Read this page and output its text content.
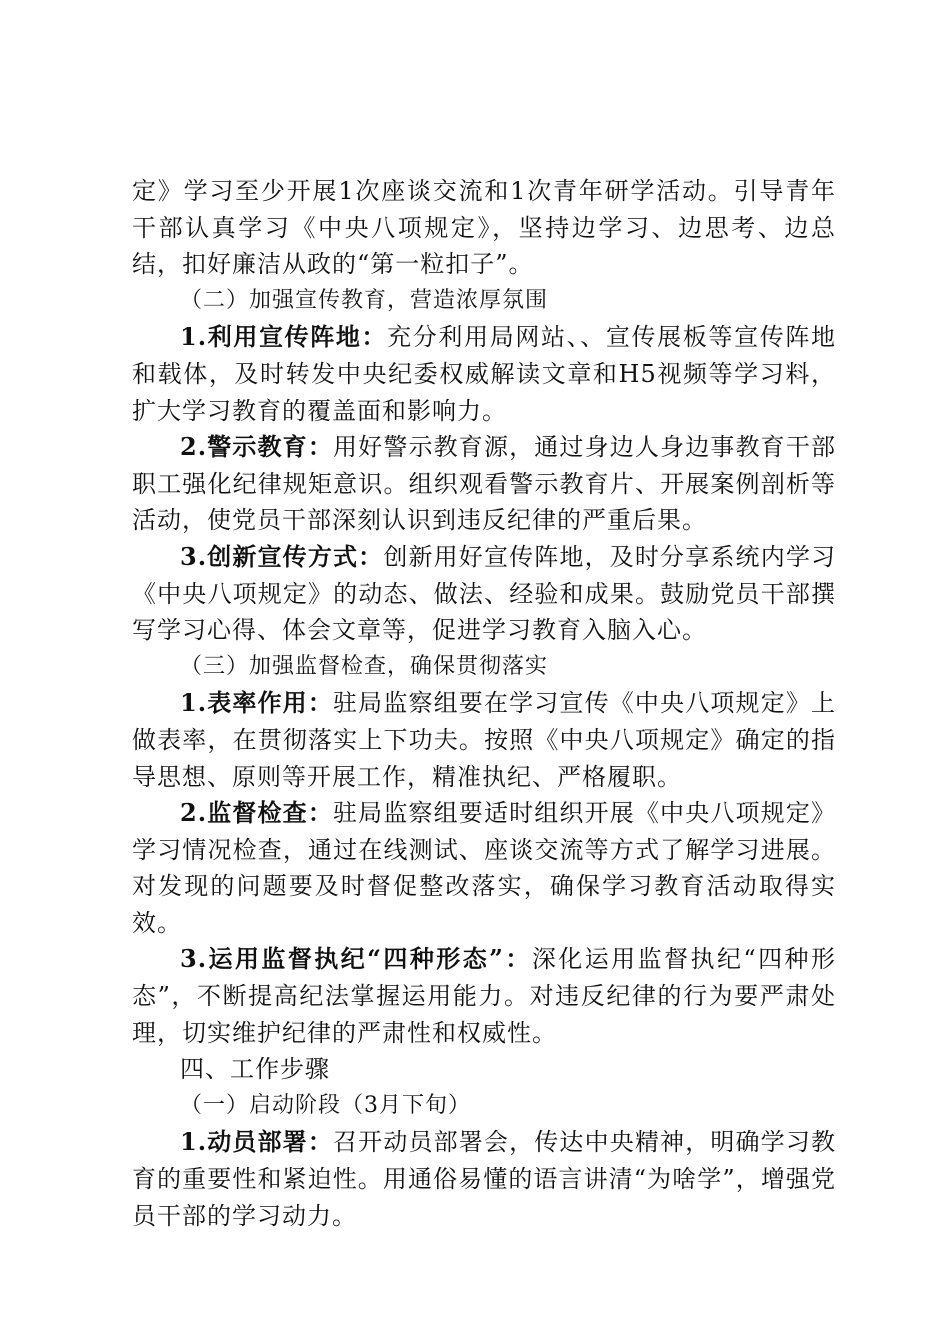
定》学习至少开展1次座谈交流和1次青年研学活动。引导青年干部认真学习《中央八项规定》，坚持边学习、边思考、边总结，扣好廉洁从政的“第一粒扣子”。

（二）加强宣传教育，营造浓厚氛围

1.利用宣传阵地：充分利用局网站、、宣传展板等宣传阵地和载体，及时转发中央纪委权威解读文章和H5视频等学习料，扩大学习教育的覆盖面和影响力。

2.警示教育：用好警示教育源，通过身边人身边事教育干部职工强化纪律规矩意识。组织观看警示教育片、开展案例剖析等活动，使党员干部深刻认识到违反纪律的严重后果。

3.创新宣传方式：创新用好宣传阵地，及时分享系统内学习《中央八项规定》的动态、做法、经验和成果。鼓励党员干部撰写学习心得、体会文章等，促进学习教育入脑入心。

（三）加强监督检查，确保贯彻落实

1.表率作用：驻局监察组要在学习宣传《中央八项规定》上做表率，在贯彻落实上下功夫。按照《中央八项规定》确定的指导思想、原则等开展工作，精准执纪、严格履职。

2.监督检查：驻局监察组要适时组织开展《中央八项规定》学习情况检查，通过在线测试、座谈交流等方式了解学习进展。对发现的问题要及时督促整改落实，确保学习教育活动取得实效。

3.运用监督执纪“四种形态”：深化运用监督执纪“四种形态”，不断提高纪法掌握运用能力。对违反纪律的行为要严肃处理，切实维护纪律的严肃性和权威性。

四、工作步骤

（一）启动阶段（3月下旬）

1.动员部署：召开动员部署会，传达中央精神，明确学习教育的重要性和紧迫性。用通俗易懂的语言讲清“为啥学”，增强党员干部的学习动力。
